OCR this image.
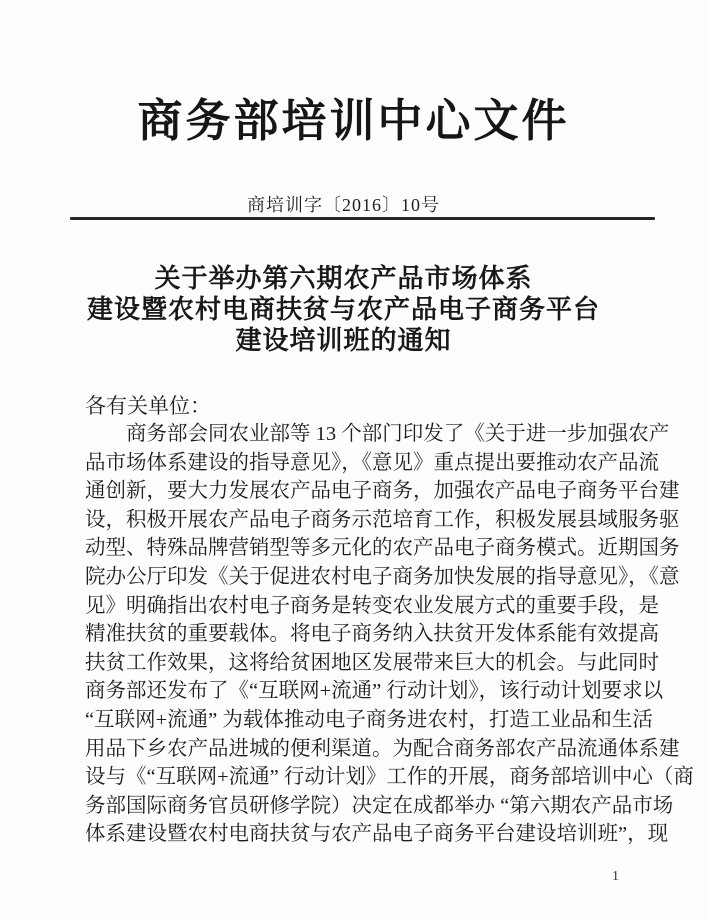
商务部培训中心文件
商培训字〔2016〕10号
关于举办第六期农产品市场体系
建设暨农村电商扶贫与农产品电子商务平台
建设培训班的通知
各有关单位：
商务部会同农业部等 13 个部门印发了《关于进一步加强农产
品市场体系建设的指导意见》，《意见》重点提出要推动农产品流
通创新，要大力发展农产品电子商务，加强农产品电子商务平台建
设，积极开展农产品电子商务示范培育工作，积极发展县域服务驱
动型、特殊品牌营销型等多元化的农产品电子商务模式。近期国务
院办公厅印发《关于促进农村电子商务加快发展的指导意见》，《意
见》明确指出农村电子商务是转变农业发展方式的重要手段，是
精准扶贫的重要载体。将电子商务纳入扶贫开发体系能有效提高
扶贫工作效果，这将给贫困地区发展带来巨大的机会。与此同时
商务部还发布了《“互联网+流通” 行动计划》，该行动计划要求以
“互联网+流通” 为载体推动电子商务进农村，打造工业品和生活
用品下乡农产品进城的便利渠道。为配合商务部农产品流通体系建
设与《“互联网+流通” 行动计划》工作的开展，商务部培训中心（商
务部国际商务官员研修学院）决定在成都举办 “第六期农产品市场
体系建设暨农村电商扶贫与农产品电子商务平台建设培训班”，现
1
